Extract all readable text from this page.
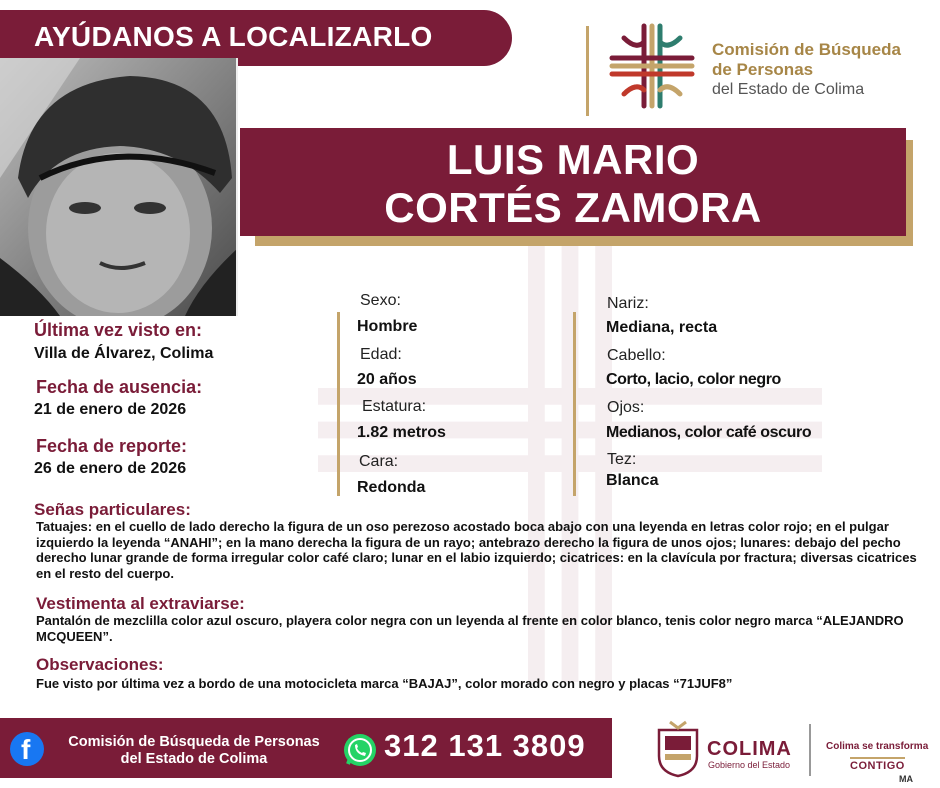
AYÚDANOS A LOCALIZARLO	Comisión de Búsqueda
de Personas
del Estado de Colima
LUIS MARIO
CORTÉS ZAMORA
Última vez visto en:
Villa de Álvarez, Colima
Fecha de ausencia:
21 de enero de 2026
Fecha de reporte:
26 de enero de 2026
Sexo:
Hombre
Edad:
20 años
Estatura:
1.82 metros
Cara:
Redonda
Nariz:
Mediana, recta
Cabello:
Corto, lacio, color negro
Ojos:
Medianos, color café oscuro
Tez:
Blanca
Señas particulares:
Tatuajes: en el cuello de lado derecho la figura de un oso perezoso acostado boca abajo con una leyenda en letras color rojo; en el pulgar izquierdo la leyenda “ANAHI”; en la mano derecha la figura de un rayo; antebrazo derecho la figura de unos ojos; lunares: debajo del pecho derecho lunar grande de forma irregular color café claro; lunar en el labio izquierdo; cicatrices: en la clavícula por fractura; diversas cicatrices en el resto del cuerpo.
Vestimenta al extraviarse:
Pantalón de mezclilla color azul oscuro, playera color negra con un leyenda al frente en color blanco, tenis color negro marca “ALEJANDRO MCQUEEN”.
Observaciones:
Fue visto por última vez a bordo de una motocicleta marca “BAJAJ”, color morado con negro y placas “71JUF8”
f	Comisión de Búsqueda de Personas
del Estado de Colima	312 131 3809	COLIMA
Gobierno del Estado
Colima se transforma
CONTIGO
MA
